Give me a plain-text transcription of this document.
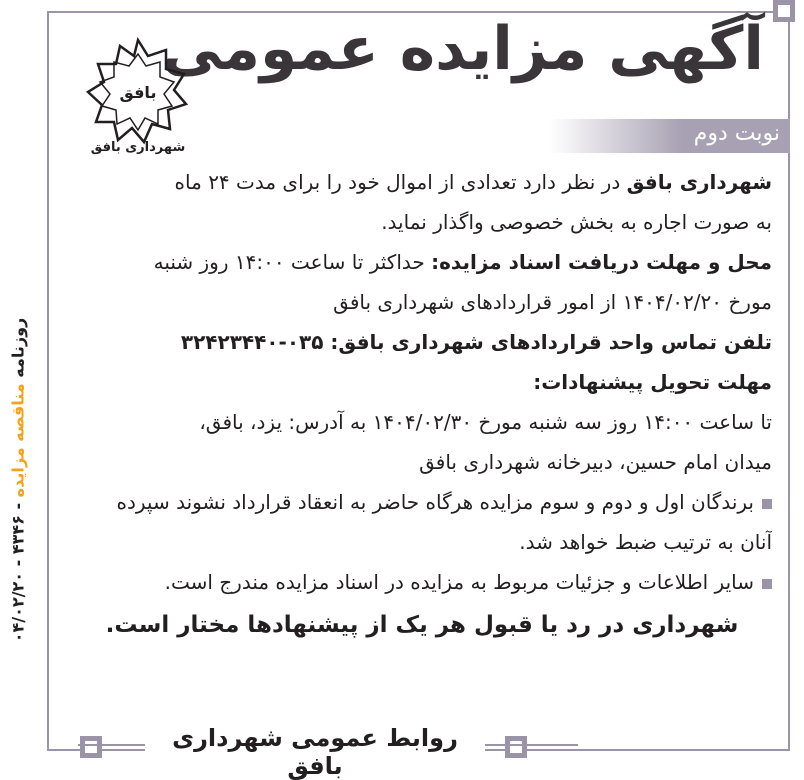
نوبت دوم
آگهی مزایده عمومی
بافق
شهرداری بافق
شهرداری بافق در نظر دارد تعدادی از اموال خود را برای مدت ۲۴ ماه
به صورت اجاره به بخش خصوصی واگذار نماید.
محل و مهلت دریافت اسناد مزایده: حداکثر تا ساعت ۱۴:۰۰ روز شنبه
مورخ ۱۴۰۴/۰۲/۲۰ از امور قراردادهای شهرداری بافق
تلفن تماس واحد قراردادهای شهرداری بافق: ۰۳۵-۳۲۴۲۳۴۴۰
مهلت تحویل پیشنهادات:
تا ساعت ۱۴:۰۰ روز سه شنبه مورخ ۱۴۰۴/۰۲/۳۰ به آدرس: یزد، بافق،
میدان امام حسین، دبیرخانه شهرداری بافق
برندگان اول و دوم و سوم مزایده هرگاه حاضر به انعقاد قرارداد نشوند سپرده
آنان به ترتیب ضبط خواهد شد.
سایر اطلاعات و جزئیات مربوط به مزایده در اسناد مزایده مندرج است.
شهرداری در رد یا قبول هر یک از پیشنهادها مختار است.
روزنامه مناقصه مزایده - ۴۳۴۶ - ۰۴/۰۲/۲۰
روابط عمومی شهرداری بافق
